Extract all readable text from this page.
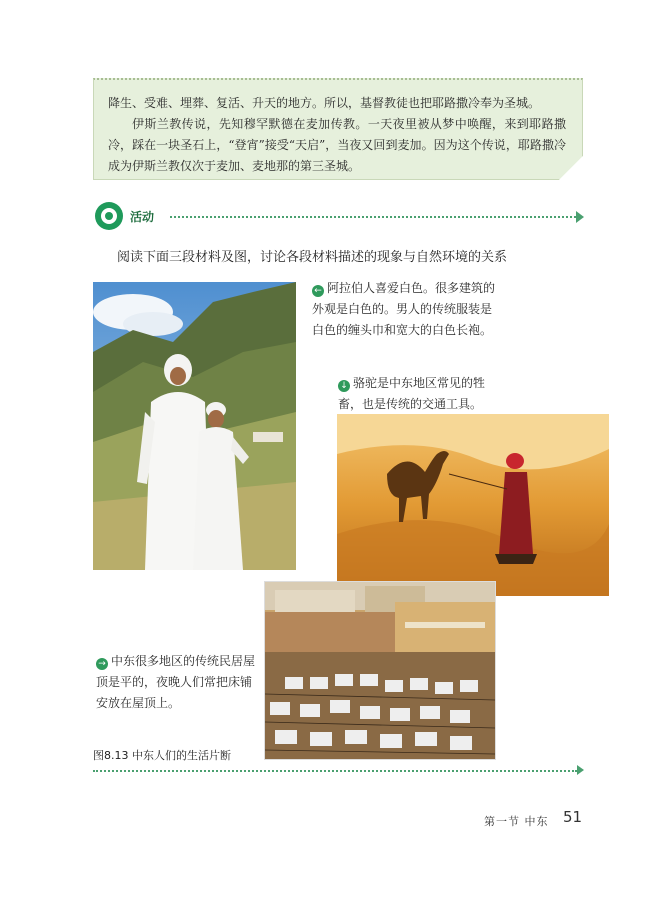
降生、受难、埋葬、复活、升天的地方。所以，基督教徒也把耶路撒冷奉为圣城。

伊斯兰教传说，先知穆罕默德在麦加传教。一天夜里被从梦中唤醒，来到耶路撒冷，踩在一块圣石上，“登宵”接受“天启”，当夜又回到麦加。因为这个传说，耶路撒冷成为伊斯兰教仅次于麦加、麦地那的第三圣城。

活动
阅读下面三段材料及图，讨论各段材料描述的现象与自然环境的关系
← 阿拉伯人喜爱白色。很多建筑的外观是白色的。男人的传统服装是白色的缠头巾和宽大的白色长袍。
↓ 骆驼是中东地区常见的牲畜，也是传统的交通工具。
→ 中东很多地区的传统民居屋顶是平的，夜晚人们常把床铺安放在屋顶上。
图8.13 中东人们的生活片断
第一节 中东 51
